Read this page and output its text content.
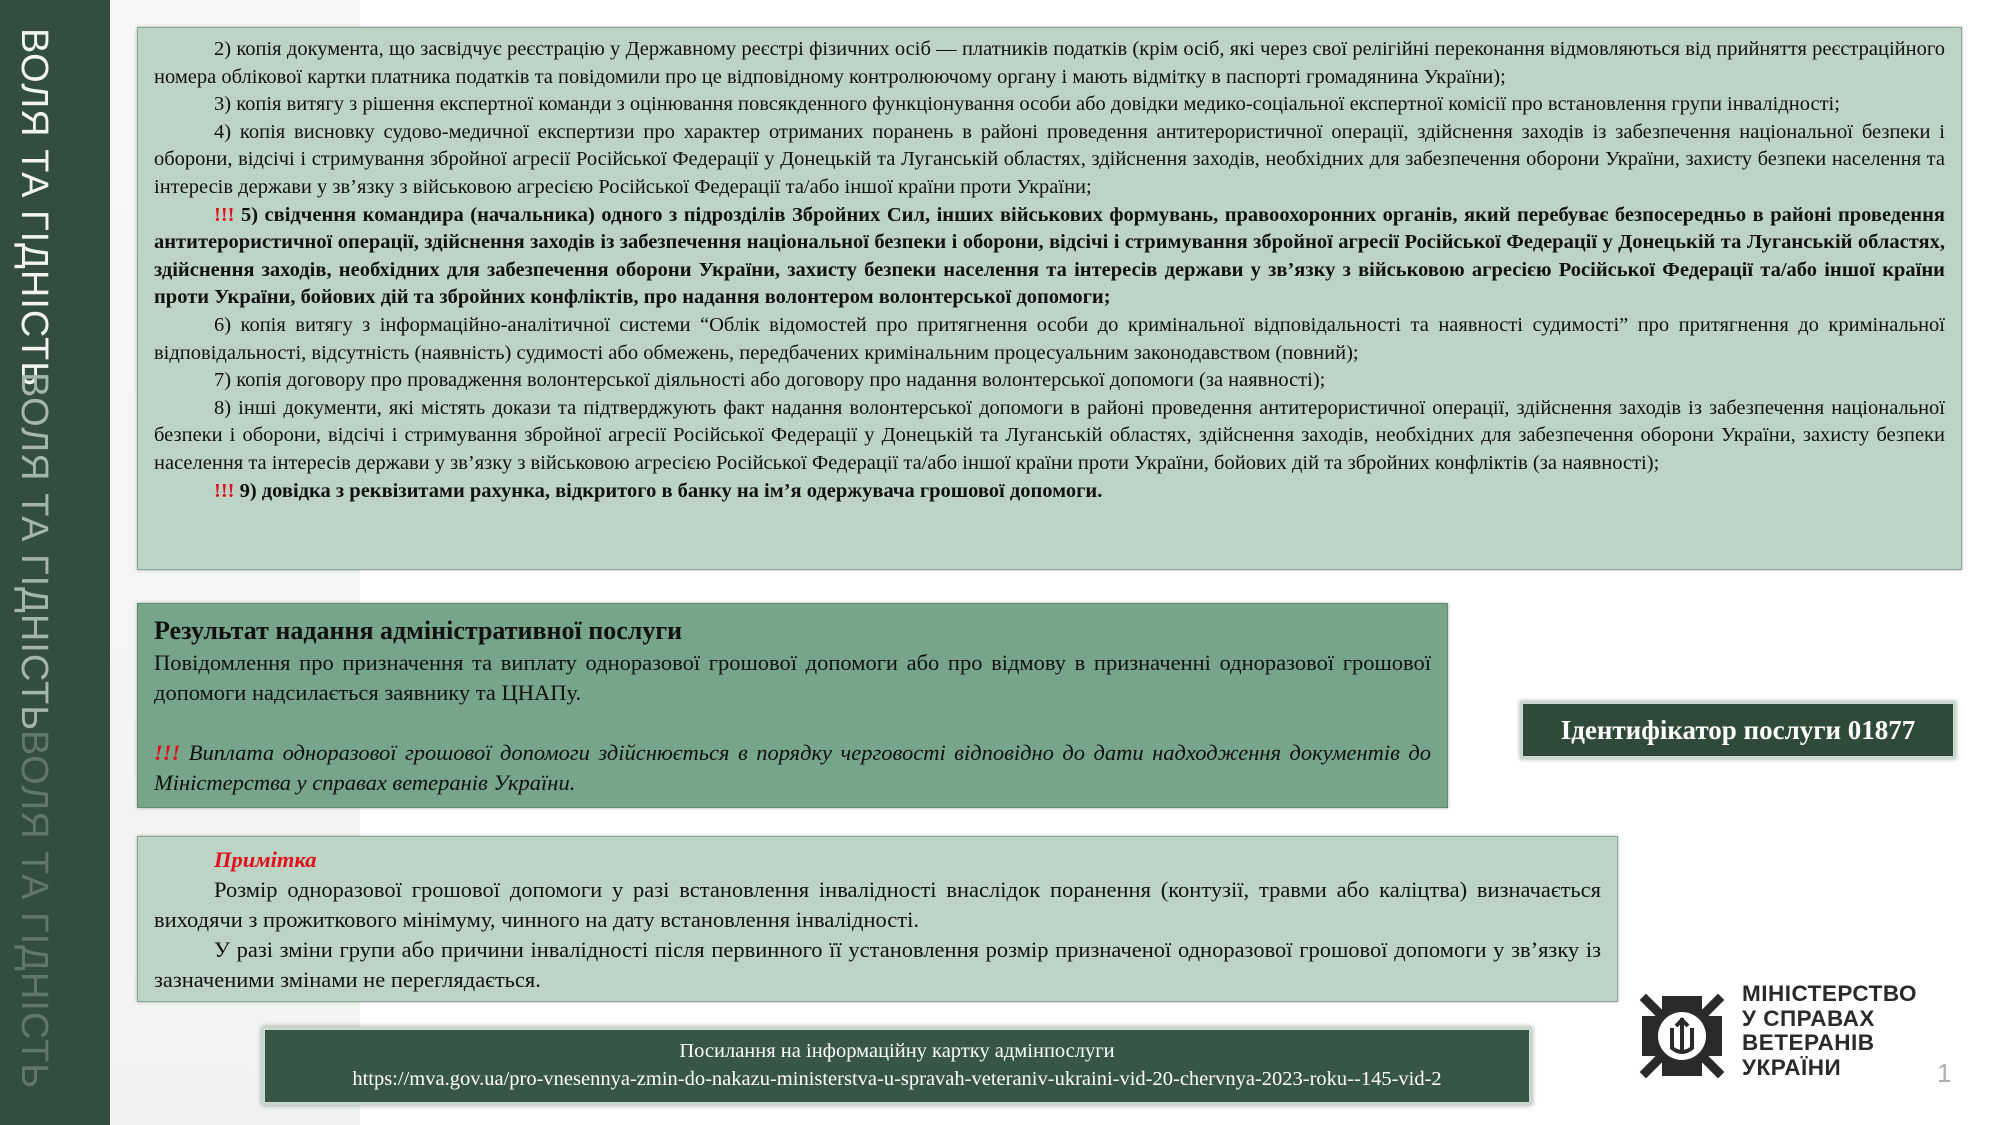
ВОЛЯ ТА ГІДНІСТЬ
ВОЛЯ ТА ГІДНІСТЬ
ВОЛЯ ТА ГІДНІСТЬ

2) копія документа, що засвідчує реєстрацію у Державному реєстрі фізичних осіб — платників податків (крім осіб, які через свої релігійні переконання відмовляються від прийняття реєстраційного номера облікової картки платника податків та повідомили про це відповідному контролюючому органу і мають відмітку в паспорті громадянина України);

3) копія витягу з рішення експертної команди з оцінювання повсякденного функціонування особи або довідки медико-соціальної експертної комісії про встановлення групи інвалідності;

4) копія висновку судово-медичної експертизи про характер отриманих поранень в районі проведення антитерористичної операції, здійснення заходів із забезпечення національної безпеки і оборони, відсічі і стримування збройної агресії Російської Федерації у Донецькій та Луганській областях, здійснення заходів, необхідних для забезпечення оборони України, захисту безпеки населення та інтересів держави у зв’язку з військовою агресією Російської Федерації та/або іншої країни проти України;

!!! 5) свідчення командира (начальника) одного з підрозділів Збройних Сил, інших військових формувань, правоохоронних органів, який перебуває безпосередньо в районі проведення антитерористичної операції, здійснення заходів із забезпечення національної безпеки і оборони, відсічі і стримування збройної агресії Російської Федерації у Донецькій та Луганській областях, здійснення заходів, необхідних для забезпечення оборони України, захисту безпеки населення та інтересів держави у зв’язку з військовою агресією Російської Федерації та/або іншої країни проти України, бойових дій та збройних конфліктів, про надання волонтером волонтерської допомоги;

6) копія витягу з інформаційно-аналітичної системи “Облік відомостей про притягнення особи до кримінальної відповідальності та наявності судимості” про притягнення до кримінальної відповідальності, відсутність (наявність) судимості або обмежень, передбачених кримінальним процесуальним законодавством (повний);

7) копія договору про провадження волонтерської діяльності або договору про надання волонтерської допомоги (за наявності);

8) інші документи, які містять докази та підтверджують факт надання волонтерської допомоги в районі проведення антитерористичної операції, здійснення заходів із забезпечення національної безпеки і оборони, відсічі і стримування збройної агресії Російської Федерації у Донецькій та Луганській областях, здійснення заходів, необхідних для забезпечення оборони України, захисту безпеки населення та інтересів держави у зв’язку з військовою агресією Російської Федерації та/або іншої країни проти України, бойових дій та збройних конфліктів (за наявності);

!!! 9) довідка з реквізитами рахунка, відкритого в банку на ім’я одержувача грошової допомоги.

Результат надання адміністративної послуги

Повідомлення про призначення та виплату одноразової грошової допомоги або про відмову в призначенні одноразової грошової допомоги надсилається заявнику та ЦНАПу.

!!! Виплата одноразової грошової допомоги здійснюється в порядку черговості відповідно до дати надходження документів до Міністерства у справах ветеранів України.

Ідентифікатор послуги 01877

Примітка

Розмір одноразової грошової допомоги у разі встановлення інвалідності внаслідок поранення (контузії, травми або каліцтва) визначається виходячи з прожиткового мінімуму, чинного на дату встановлення інвалідності.

У разі зміни групи або причини інвалідності після первинного її установлення розмір призначеної одноразової грошової допомоги у зв’язку із зазначеними змінами не переглядається.

Посилання на інформаційну картку адмінпослуги
https://mva.gov.ua/pro-vnesennya-zmin-do-nakazu-ministerstva-u-spravah-veteraniv-ukraini-vid-20-chervnya-2023-roku--145-vid-2
МІНІСТЕРСТВО
У СПРАВАХ
ВЕТЕРАНІВ
УКРАЇНИ	1
